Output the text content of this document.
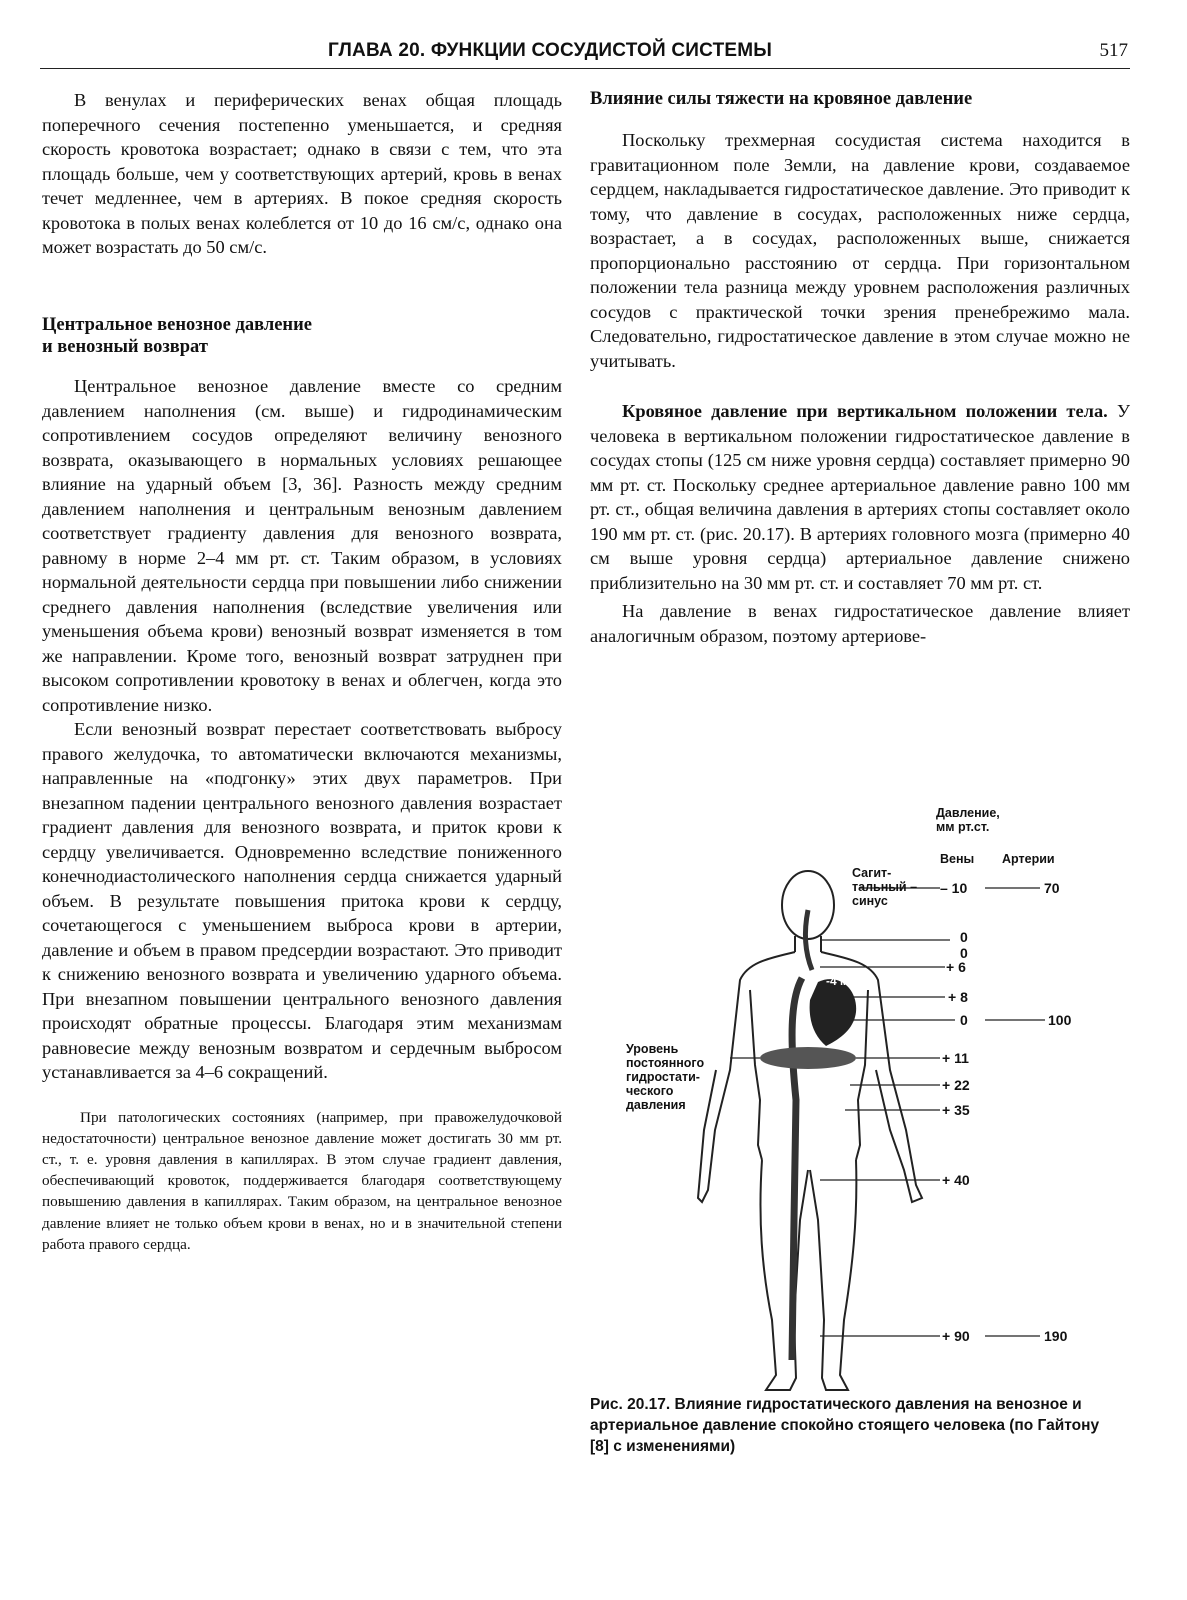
ГЛАВА 20. ФУНКЦИИ СОСУДИСТОЙ СИСТЕМЫ	517

В венулах и периферических венах общая площадь поперечного сечения постепенно уменьшается, и средняя скорость кровотока возрастает; однако в связи с тем, что эта площадь больше, чем у соответствующих артерий, кровь в венах течет медленнее, чем в артериях. В покое средняя скорость кровотока в полых венах колеблется от 10 до 16 см/с, однако она может возрастать до 50 см/с.

Центральное венозное давление
и венозный возврат

Центральное венозное давление вместе со средним давлением наполнения (см. выше) и гидродинамическим сопротивлением сосудов определяют величину венозного возврата, оказывающего в нормальных условиях решающее влияние на ударный объем [3, 36]. Разность между средним давлением наполнения и центральным венозным давлением соответствует градиенту давления для венозного возврата, равному в норме 2–4 мм рт. ст. Таким образом, в условиях нормальной деятельности сердца при повышении либо снижении среднего давления наполнения (вследствие увеличения или уменьшения объема крови) венозный возврат изменяется в том же направлении. Кроме того, венозный возврат затруднен при высоком сопротивлении кровотоку в венах и облегчен, когда это сопротивление низко.

Если венозный возврат перестает соответствовать выбросу правого желудочка, то автоматически включаются механизмы, направленные на «подгонку» этих двух параметров. При внезапном падении центрального венозного давления возрастает градиент давления для венозного возврата, и приток крови к сердцу увеличивается. Одновременно вследствие пониженного конечнодиастолического наполнения сердца снижается ударный объем. В результате повышения притока крови к сердцу, сочетающегося с уменьшением выброса крови в артерии, давление и объем в правом предсердии возрастают. Это приводит к снижению венозного возврата и увеличению ударного объема. При внезапном повышении центрального венозного давления происходят обратные процессы. Благодаря этим механизмам равновесие между венозным возвратом и сердечным выбросом устанавливается за 4–6 сокращений.

При патологических состояниях (например, при правожелудочковой недостаточности) центральное венозное давление может достигать 30 мм рт. ст., т. е. уровня давления в капиллярах. В этом случае градиент давления, обеспечивающий кровоток, поддерживается благодаря соответствующему повышению давления в капиллярах. Таким образом, на центральное венозное давление влияет не только объем крови в венах, но и в значительной степени работа правого сердца.

Влияние силы тяжести на кровяное давление

Поскольку трехмерная сосудистая система находится в гравитационном поле Земли, на давление крови, создаваемое сердцем, накладывается гидростатическое давление. Это приводит к тому, что давление в сосудах, расположенных ниже сердца, возрастает, а в сосудах, расположенных выше, снижается пропорционально расстоянию от сердца. При горизонтальном положении тела разница между уровнем расположения различных сосудов с практической точки зрения пренебрежимо мала. Следовательно, гидростатическое давление в этом случае можно не учитывать.

Кровяное давление при вертикальном положении тела. У человека в вертикальном положении гидростатическое давление в сосудах стопы (125 см ниже уровня сердца) составляет примерно 90 мм рт. ст. Поскольку среднее артериальное давление равно 100 мм рт. ст., общая величина давления в артериях стопы составляет около 190 мм рт. ст. (рис. 20.17). В артериях головного мозга (примерно 40 см выше уровня сердца) артериальное давление снижено приблизительно на 30 мм рт. ст. и составляет 70 мм рт. ст.

На давление в венах гидростатическое давление влияет аналогичным образом, поэтому артериове-

Давление,
мм рт.ст.
Вены Артерии
Сагит-
тальный –
синус
Уровень
постоянного
гидростати-
ческого
давления
-4 мм
– 10
0
0
+ 6
+ 8
0
+ 11
+ 22
+ 35
+ 40
+ 90
70
100
190
Рис. 20.17. Влияние гидростатического давления на венозное и артериальное давление спокойно стоящего человека (по Гайтону [8] с изменениями)
